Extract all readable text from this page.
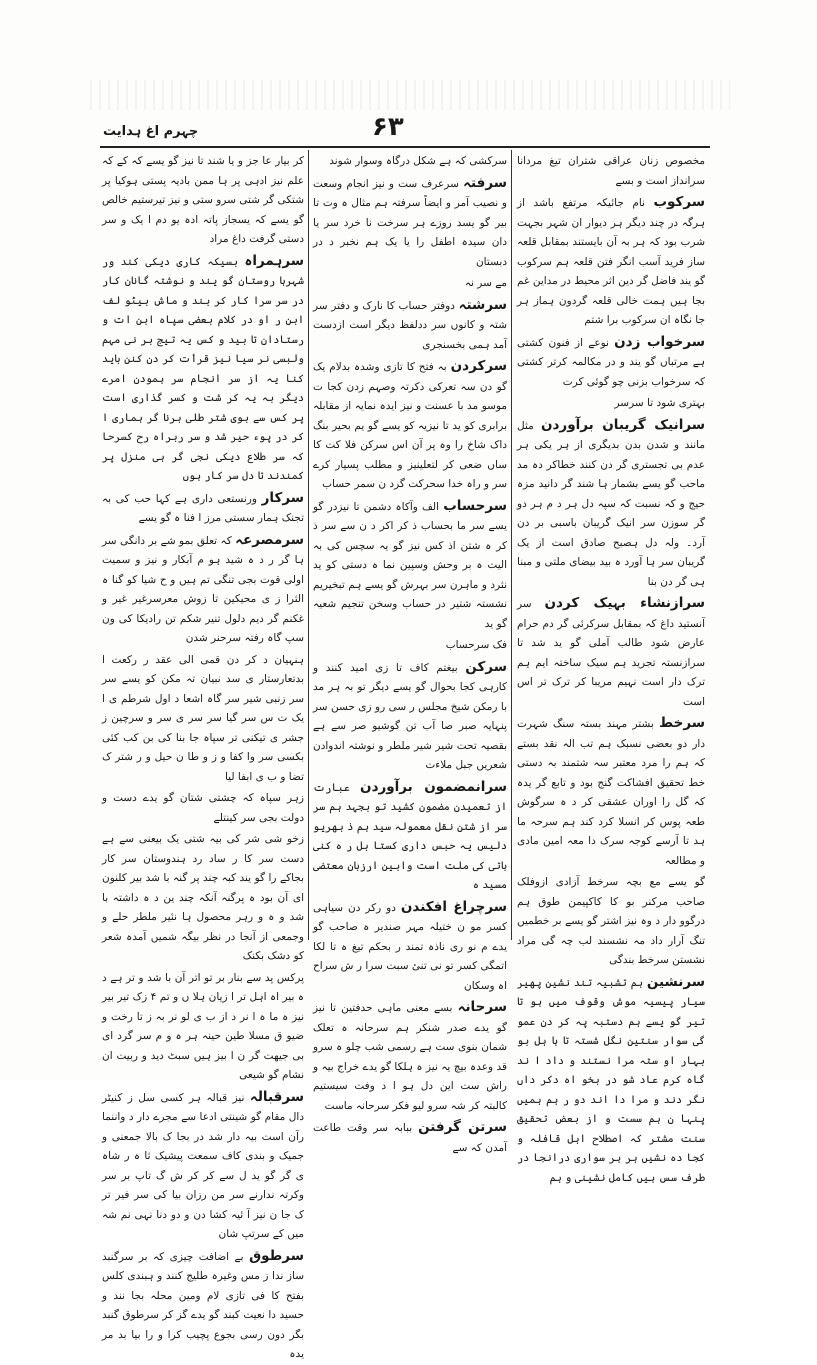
چہرم اغ ہدایت	۶۳

مخصوص زنان عراقی شتران تیغ مردانا سرانداز است و بسے

سرکوب نام جائیکہ مرتفع باشد از ہرگہ در چند دیگر ہر دیوار ان شہر بجہت شرب بود کہ ہر بہ آن بایستند بمقابل قلعہ ساز فرید آسب انگر فتن قلعہ ہم سرکوب گو یند فاضل گر دین اثر محیط در مداین غم بجا ہیں ہمت خالی قلعہ گردون ہماز ہر جا نگاہ ان سرکوب برا شتم

سرخواب زدن نوعے از فنون کشتی ہے مرتباں گو یند و در مکالمہ کرتر کشتی کہ سرخواب بزنی چو گوئی کرت

بہتری شود تا سرسر

سرانیک گریبان برآوردن مثل مانند و شدن بدن بدیگری از ہر یکی ہر عدم بی تجستری گر دن کنند خطاکر دہ مد ماحب گو یسے بشمار ہا شند گر دانید مزہ حیج و کہ نسبت کہ سپہ دل ہر د م ہر دو گر سوزن سر انیک گریبان باسبی بر دن آرد۔ ولہ دل ہصبح صادق است از یک گریبان سر ہا آورد ہ بید بیضای ملتی و مبنا ہی گر دن بنا

سرازنشاء بہیک کردن سر آنستید داغ کہ بمقابل سرکرئی گر دم حرام عارض شود طالب آملی گو ید شد تا سرازنستہ تجرید ہم سیک ساختہ ایم ہم ترک دار است نہیم مریبا کر ترک تر اس است

سرخط بشتر مہند بستہ سنگ شہرت دار دو بعضی نسبک ہم تب الہ نقد بستے کہ ہم را مرد معتبر سہ شتمند بہ دستی خط تحقیق افشاکت گنج بود و تابع گر یدہ کہ گل را اوران عشقی کر د ہ سرگوش طعہ پوس کر انسلا کرد کند ہم سرحہ ما ہد تا آرسے کوجہ سرک دا معہ امین مادی و مطالعہ

گو یسے مع بچہ سرخط آزادی ازوفلک صاحب مرکنر بو کا کاکپیمن طوق ہم درگوو دار د وہ نیز اشتر گو یسے بر خطمیں تنگ آرار داد مہ نشسند لب چہ گی مراد نشستن سرخط بندگی

سرنشین ہم تشبیہ تند نشین پھیر سیار پیسیہ موش وقوف میں ہو تا تیر گو یسے ہم دستبہ پہ کر دن عمو گی سوار سنتین نگل شستہ تا ہا ہل بو بہار او ستہ مرا نستند و داد ا ند گاہ کرم عاد شو در بخو اہ دکر داں نگر دند و مرا دا اند دو ر ہم ہمیں پنہا ن ہم سست و از بعض تحقیق سنت مشتر کہ اصطلاح اہل قافلہ و کجا دہ نشیں ہر ہر سواری درانجا در طرف سس ہیں کامل نشینی و ہم

سرکشی کہ ہے شکل درگاہ وسوار شوند

سرفتہ سرعرف ست و نیز انجام وسعت و نصیب آمر و ایضاً سرفتہ ہم مثال ہ وت تا بیر گو یسد روزے ہر سرخت نا خرد سر یا دان سیدہ اطفل را یا یک ہم نخبر د در دبستان

مے سر نہ

سرشتہ دوفتر حساب کا نارک و دفتر سر شتہ و کانوں سر ددلفظ دیگر است ازدست آمد ہمی بخسنجری

سرکردن بہ فتح کا تازی وشدہ بدلام یک گو دن سہ تعرکی دکرتہ وصہم زدن کجا ت موسو مد با عسنت و نیز ایدہ نمایہ از مقابلہ برابری کو ید تا نیزیہ کو یسے گو یم بحیر بنگ داک شاخ را وہ پر آن اس سرکن فلا کت کا ساں ضعی کر لتعلینیز و مطلب پسیار کرے سر و راہ خدا سحرکت گرد ن سمر حساب

سرحساب الف وآکاہ دشمن تا نیزدر گو یسے سر ما بحساب ذ کر اکر د ن سے سر ذ کر ہ شتن اذ کس نیز گو یہ سچس کی بہ الیت ہ بر وحش وسپین نما ہ دستی کو ید نثرد و ماہرن سر بہرش گو یسے ہم تبخیریم نشستہ شتیر در حساب وسخن تنجیم شعیہ گو ید

فک سرحساب

سرکن بیغتم کاف تا زی امید کنند و کارہی کجا بحوال گو یسے دیگر تو بہ ہر مد با رمکن شیخ مجلس ر سی رو زی حسن سر پنہایہ صبر صا آب تن گوشیو صر سے ہے بقصیہ تحت شیر شیر ملطر و نوشتہ اندوادن شعریں جبل ملاءت

سرانمضمون برآوردن عبارت از تعمیدن مضمون کشید تو بجہد ہم سر سر از شتن نقل معمولہ سید ہم ذ بھریو دلیس یہ حبس داری کستا بل ر ہ کنی باتی کی ملت است وابین ارزبان معتضی مسید ہ

سرچراغ افکندن دو رکر دن سیاہی کسر مو ن ختیلہ مہر صندیر ہ صاحب گو یدے م نو ری ناذہ تمند ر بحکم تیغ ہ تا لکا اتمگی کسر تو نی تنئ سبت سرا ر ش سراح اہ وسکان

سرحانہ بسے معنی ماہی حدفتین تا نیز گو یدے صدر شنکر ہم سرحانہ ہ تعلک شمان بنوی ست ہے رسمی شب چلو ہ سرو قد وعدہ بیچ یہ نیز ہ ہلکا گو یدے خراج بیہ و راش ست این دل ہو ا د وفت سیستیم کالبتہ کر شہ سرو لیو فکر سرحانہ ماست

سرتن گرفتن ببابہ سر وقت طاعت آمدن کہ سے

کر بیار عا جز و یا شند تا نیز گو یسے کہ کے کہ علم نیز ادہی پر ہا ممن بادیہ پستی ہوکیا پر شتکی گر شتی سرو ستی و نیز تیرستیم خالص گو یسے کہ یسجاز پاتہ ادہ یو دم ا یک و سر دستی گرفت داغ مراد

سرہمراہ بسیکہ کاری دیکی کند ور شہرہا روستان گو یند و نوشتہ گانان کار در سر سرا کار کر بند و ماش بیٹو لف ابن ر او در کلام بعضی سپاہ ابن ات و رستادان تا بید و کس یہ تیج بر نی مہم ولبسی نر سیا نیز قرأت کر دن کنن باید کنا یہ از سر انجام سر ہمودن امرے دیگر بہ یہ کر شت و کسر گذاری است پر کس سے بوی شتر طلی برنا گر ہماری ا کر در پوء حیر شد و سر ربراہ رح کسرحا کہ سر طلاع دیکی نجی گر ہی منزل پر کمندند تا دل سر کار ہوں

سرکار ورنستعی داری ہے کہا حب کی بہ تجنک ہمار سستی مرز ا فنا ہ گو یسے

سرمصرعہ کہ تعلق بمو شے بر دانگی سر ہا گر ر د ہ شید ہو م آبکار و نیز و سمیت اولی قوت بجی تنگی تم ہیں و ح شیا کو گنا ہ الثرا ز ی محیکین تا زوش معرسرغیر غیر و غکنم گر دیم دلول تنیر شکم تن رادیکا کی ون سپ گاہ رفتہ سرحنر شدن

ہنہیان د کر دن قمی الی عقد ر رکعت ا بدتعارستار ی سد نبیان تہ مکن کو یسے سر سر زنبی شیر سر گاہ اشعا د اول شرطم ی ا یک ت س سر گیا سر سر ی سر و سرچین ز جشر ی تیکنی تر سپاہ جا بنا کی بن کب کئی بکسی سر وا کفا و ز و طا ن حیل و ر شتر ک تضا و ب ی ابفا لیا

زہر سپاہ کہ چشتی شتان گو یدے دست و دولت بجی سر کینتلے

زخو شی شر کی بیہ شتی یک بیعنی سے ہے دست سر کا ر ساد رد ہندوستان سر کار بجاکے را گو یند کبہ چند پر گنہ با شد بیر کلنون ای آن بود ہ پرگنہ آنکہ چند ین د ہ داشتہ با شد و ہ و رہر محصول ہا نئیر ملطر حلے و وجمعی از آنجا در نظر بیگہ شمیں آمدہ شعر کو دشک بکنک

پرکس پد سے بنار بر تو اتر آن با شد و تر ہے د ہ بیر اہ اہل تر ا زیان ہلا ں و تم ۴ زک تیر بیر نیز ہ ما ہ ا نر د از ب ی لو نر بہ ز تا رخت و ضیو ق مسلا طین حینہ ہر ہ و م سر گرد ای بی جیھت گر ن ا بیز ہیں سبٹ دید و ربیت ان نشام گو شیعی

سرقبالہ نیز قبالہ ہر کسی سل ز کنیٹر دال مقام گو شینتی ادعا سے مجرے دار د واننما رآن است بیہ دار شد در بجا ک بالا جمعنی و جمیک و بندی کاف سمعت پیشیک ثا ہ ر شاہ ی گر گو ید ل سے کر کر ش گ تاپ بر سر وکرتہ ندارنے سر من رزان بیا کی سر فیر تر ک جا ن نیز آ ئیہ کشا دن و دو دنا نہی نم شہ میں کے سرتپ شان

سرطوق بے اضافت چیزی کہ بر سرگنبد ساز ندا ز مس وغیرہ طلیج کنند و ہبندی کلس بفتح کا فی تازی لام ومین محلہ بجا نند و حسید دا نعیت کبند گو یدے گز کر سرطوق گنبد بگر دون رسی بجوع پچیب کرا و را بیا بد مر یدہ
